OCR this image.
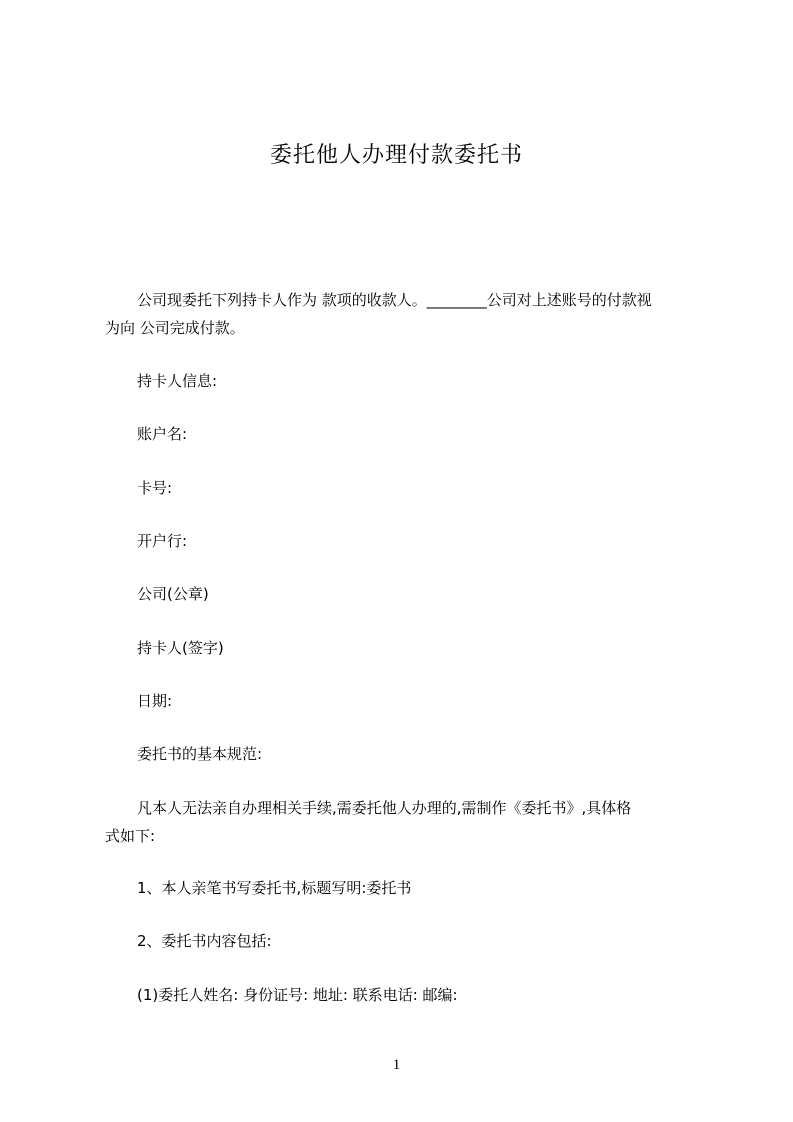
委托他人办理付款委托书
公司现委托下列持卡人作为 款项的收款人。________公司对上述账号的付款视
为向 公司完成付款。
持卡人信息:
账户名:
卡号:
开户行:
公司(公章)
持卡人(签字)
日期:
委托书的基本规范:
凡本人无法亲自办理相关手续,需委托他人办理的,需制作《委托书》,具体格
式如下:
1、本人亲笔书写委托书,标题写明:委托书
2、委托书内容包括:
(1)委托人姓名: 身份证号: 地址: 联系电话: 邮编:
1
